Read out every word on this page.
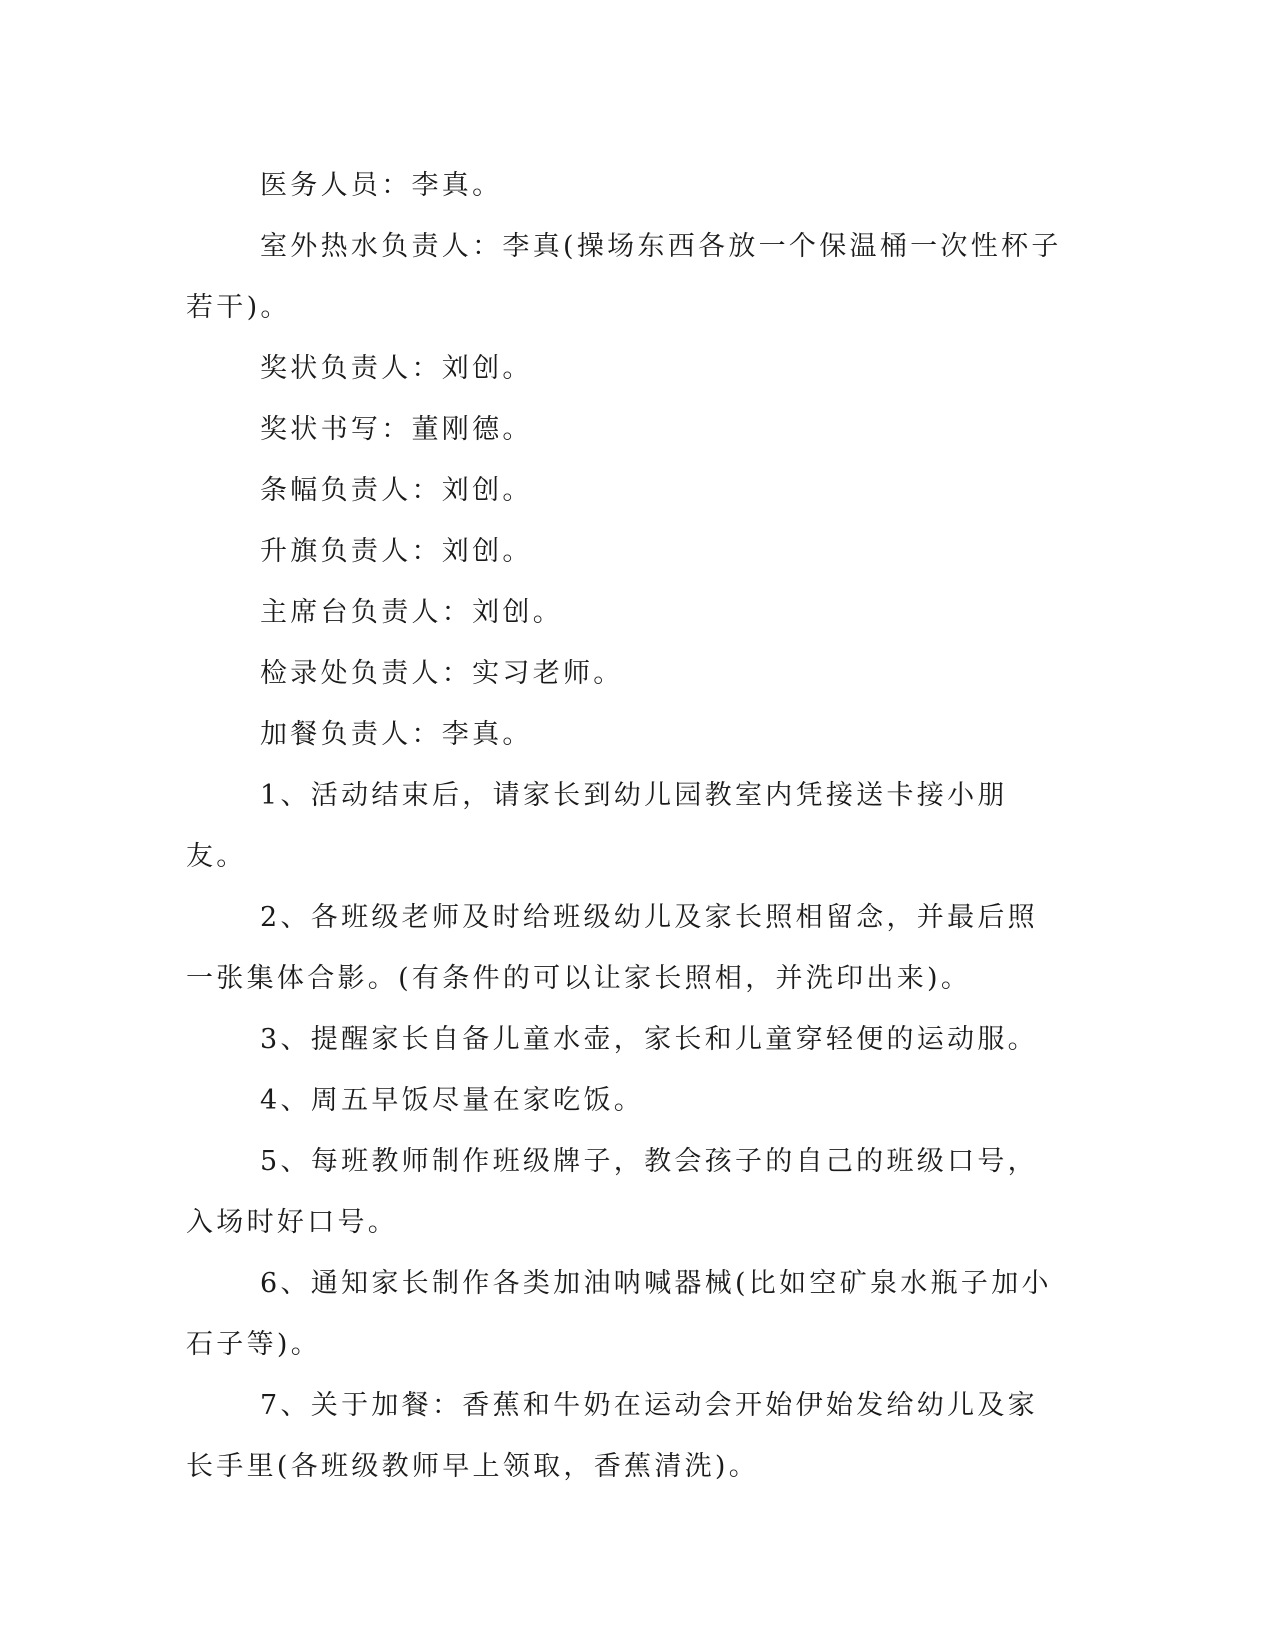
医务人员：李真。

室外热水负责人：李真(操场东西各放一个保温桶一次性杯子若干)。

奖状负责人：刘创。

奖状书写：董刚德。

条幅负责人：刘创。

升旗负责人：刘创。

主席台负责人：刘创。

检录处负责人：实习老师。

加餐负责人：李真。

1、活动结束后，请家长到幼儿园教室内凭接送卡接小朋友。

2、各班级老师及时给班级幼儿及家长照相留念，并最后照一张集体合影。(有条件的可以让家长照相，并洗印出来)。

3、提醒家长自备儿童水壶，家长和儿童穿轻便的运动服。

4、周五早饭尽量在家吃饭。

5、每班教师制作班级牌子，教会孩子的自己的班级口号，入场时好口号。

6、通知家长制作各类加油呐喊器械(比如空矿泉水瓶子加小石子等)。

7、关于加餐：香蕉和牛奶在运动会开始伊始发给幼儿及家长手里(各班级教师早上领取，香蕉清洗)。
